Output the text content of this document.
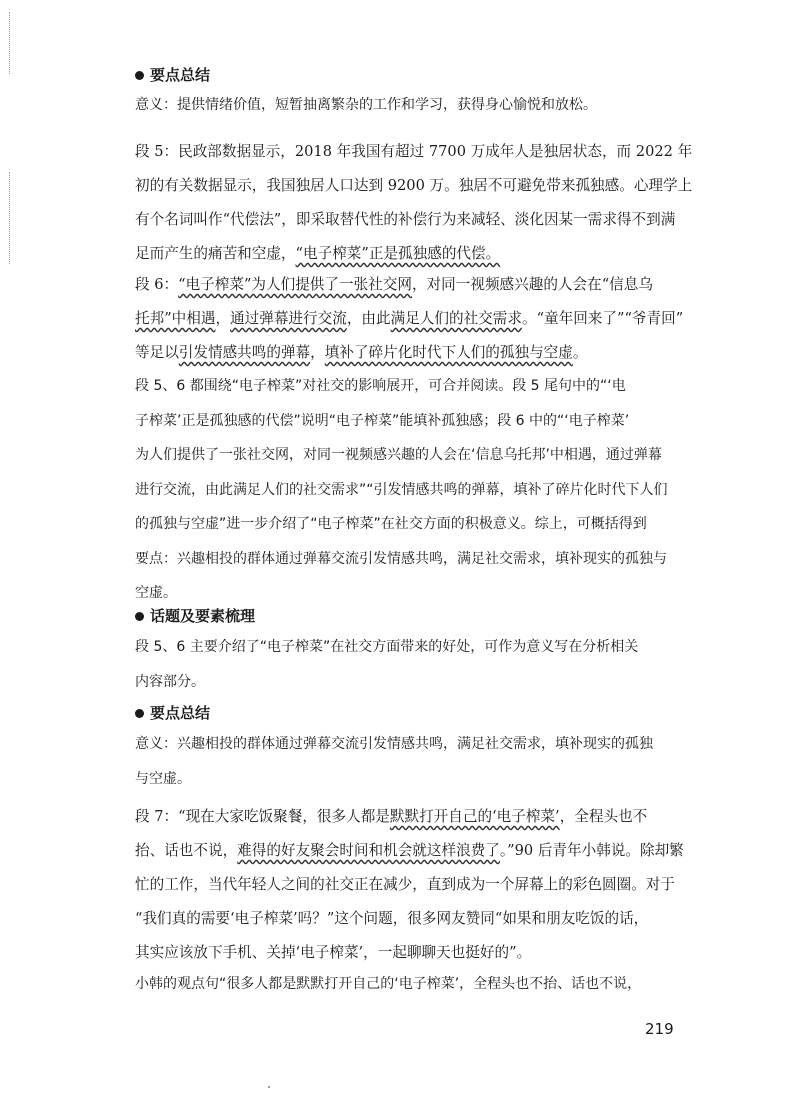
要点总结
意义：提供情绪价值，短暂抽离繁杂的工作和学习，获得身心愉悦和放松。
段 5：民政部数据显示，2018 年我国有超过 7700 万成年人是独居状态，而 2022 年
初的有关数据显示，我国独居人口达到 9200 万。独居不可避免带来孤独感。心理学上
有个名词叫作“代偿法”，即采取替代性的补偿行为来减轻、淡化因某一需求得不到满
足而产生的痛苦和空虚，“电子榨菜”正是孤独感的代偿。
段 6：“电子榨菜”为人们提供了一张社交网，对同一视频感兴趣的人会在“信息乌
托邦”中相遇，通过弹幕进行交流，由此满足人们的社交需求。“童年回来了”“爷青回”
等足以引发情感共鸣的弹幕，填补了碎片化时代下人们的孤独与空虚。
段 5、6 都围绕“电子榨菜”对社交的影响展开，可合并阅读。段 5 尾句中的“‘电
子榨菜’正是孤独感的代偿”说明“电子榨菜”能填补孤独感；段 6 中的“‘电子榨菜’
为人们提供了一张社交网，对同一视频感兴趣的人会在‘信息乌托邦’中相遇，通过弹幕
进行交流，由此满足人们的社交需求”“引发情感共鸣的弹幕，填补了碎片化时代下人们
的孤独与空虚”进一步介绍了“电子榨菜”在社交方面的积极意义。综上，可概括得到
要点：兴趣相投的群体通过弹幕交流引发情感共鸣，满足社交需求，填补现实的孤独与
空虚。
话题及要素梳理
段 5、6 主要介绍了“电子榨菜”在社交方面带来的好处，可作为意义写在分析相关
内容部分。
要点总结
意义：兴趣相投的群体通过弹幕交流引发情感共鸣，满足社交需求，填补现实的孤独
与空虚。
段 7：“现在大家吃饭聚餐，很多人都是默默打开自己的‘电子榨菜’，全程头也不
抬、话也不说，难得的好友聚会时间和机会就这样浪费了。”90 后青年小韩说。除却繁
忙的工作，当代年轻人之间的社交正在减少，直到成为一个屏幕上的彩色圆圈。对于
“我们真的需要‘电子榨菜’吗？”这个问题，很多网友赞同“如果和朋友吃饭的话，
其实应该放下手机、关掉‘电子榨菜’，一起聊聊天也挺好的”。
小韩的观点句“很多人都是默默打开自己的‘电子榨菜’，全程头也不抬、话也不说，
219
